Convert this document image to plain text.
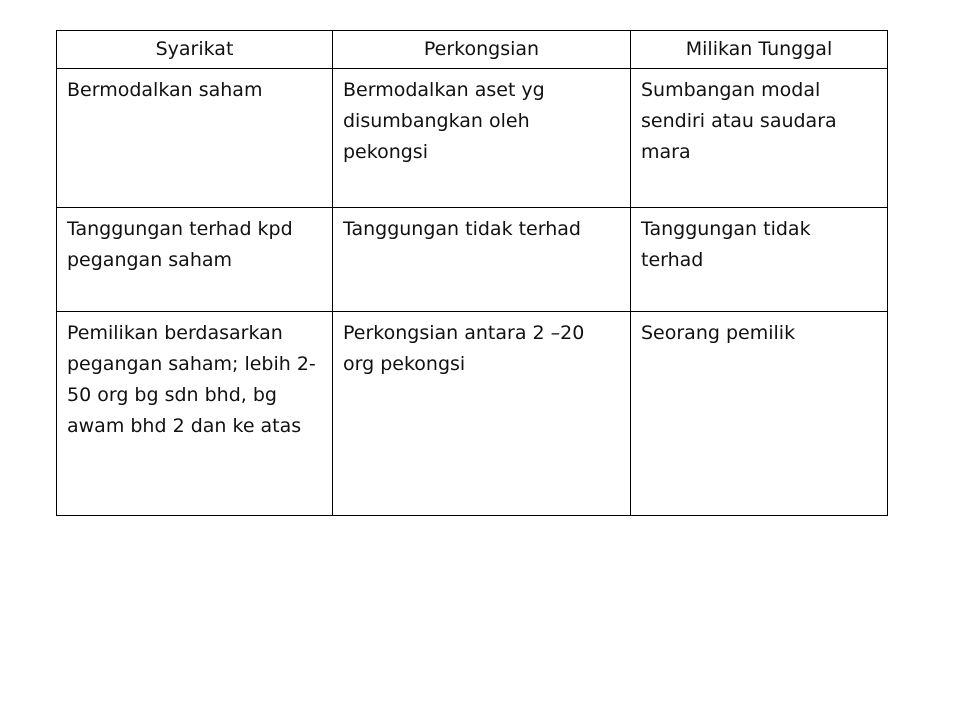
Syarikat	Perkongsian	Milikan Tunggal
Bermodalkan saham	Bermodalkan aset yg disumbangkan oleh pekongsi	Sumbangan modal sendiri atau saudara mara
Tanggungan terhad kpd pegangan saham	Tanggungan tidak terhad	Tanggungan tidak terhad
Pemilikan berdasarkan pegangan saham; lebih 2-50 org bg sdn bhd, bg awam bhd 2 dan ke atas	Perkongsian antara 2 –20 org pekongsi	Seorang pemilik
